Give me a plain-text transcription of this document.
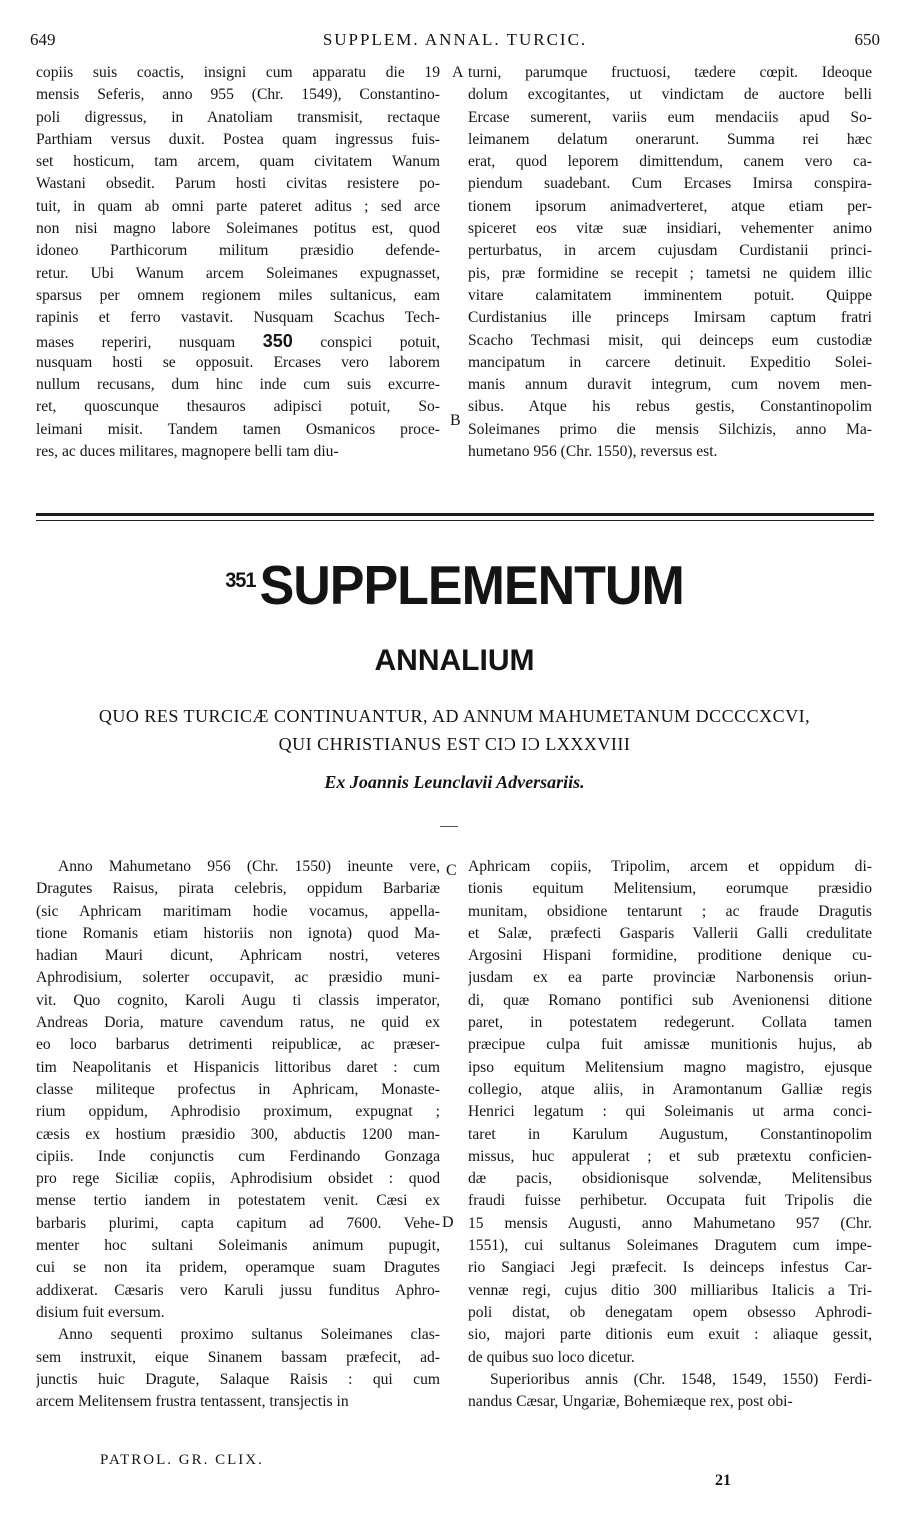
649	SUPPLEM. ANNAL. TURCIC.	650
copiis suis coactis, insigni cum apparatu die 19
mensis Seferis, anno 955 (Chr. 1549), Constantino-
poli digressus, in Anatoliam transmisit, rectaque
Parthiam versus duxit. Postea quam ingressus fuis-
set hosticum, tam arcem, quam civitatem Wanum
Wastani obsedit. Parum hosti civitas resistere po-
tuit, in quam ab omni parte pateret aditus ; sed arce
non nisi magno labore Soleimanes potitus est, quod
idoneo Parthicorum militum præsidio defende-
retur. Ubi Wanum arcem Soleimanes expugnasset,
sparsus per omnem regionem miles sultanicus, eam
rapinis et ferro vastavit. Nusquam Scachus Tech-
mases reperiri, nusquam 350 conspici potuit,
nusquam hosti se opposuit. Ercases vero laborem
nullum recusans, dum hinc inde cum suis excurre-
ret, quoscunque thesauros adipisci potuit, So-
leimani misit. Tandem tamen Osmanicos proce-
res, ac duces militares, magnopere belli tam diu-
turni, parumque fructuosi, tædere cœpit. Ideoque
dolum excogitantes, ut vindictam de auctore belli
Ercase sumerent, variis eum mendaciis apud So-
leimanem delatum onerarunt. Summa rei hæc
erat, quod leporem dimittendum, canem vero ca-
piendum suadebant. Cum Ercases Imirsa conspira-
tionem ipsorum animadverteret, atque etiam per-
spiceret eos vitæ suæ insidiari, vehementer animo
perturbatus, in arcem cujusdam Curdistanii princi-
pis, præ formidine se recepit ; tametsi ne quidem illic
vitare calamitatem imminentem potuit. Quippe
Curdistanius ille princeps Imirsam captum fratri
Scacho Techmasi misit, qui deinceps eum custodiæ
mancipatum in carcere detinuit. Expeditio Solei-
manis annum duravit integrum, cum novem men-
sibus. Atque his rebus gestis, Constantinopolim
Soleimanes primo die mensis Silchizis, anno Ma-
humetano 956 (Chr. 1550), reversus est.
A
B
$^{351}$SUPPLEMENTUM
ANNALIUM
QUO RES TURCICÆ CONTINUANTUR, AD ANNUM MAHUMETANUM DCCCCXCVI,
QUI CHRISTIANUS EST CIϽ IϽ LXXXVIII
Ex Joannis Leunclavii Adversariis.
Anno Mahumetano 956 (Chr. 1550) ineunte vere,
Dragutes Raisus, pirata celebris, oppidum Barbariæ
(sic Aphricam maritimam hodie vocamus, appella-
tione Romanis etiam historiis non ignota) quod Ma-
hadian Mauri dicunt, Aphricam nostri, veteres
Aphrodisium, solerter occupavit, ac præsidio muni-
vit. Quo cognito, Karoli Augu ti classis imperator,
Andreas Doria, mature cavendum ratus, ne quid ex
eo loco barbarus detrimenti reipublicæ, ac præser-
tim Neapolitanis et Hispanicis littoribus daret : cum
classe militeque profectus in Aphricam, Monaste-
rium oppidum, Aphrodisio proximum, expugnat ;
cæsis ex hostium præsidio 300, abductis 1200 man-
cipiis. Inde conjunctis cum Ferdinando Gonzaga
pro rege Siciliæ copiis, Aphrodisium obsidet : quod
mense tertio iandem in potestatem venit. Cæsi ex
barbaris plurimi, capta capitum ad 7600. Vehe-
menter hoc sultani Soleimanis animum pupugit,
cui se non ita pridem, operamque suam Dragutes
addixerat. Cæsaris vero Karuli jussu funditus Aphro-
disium fuit eversum.
Anno sequenti proximo sultanus Soleimanes clas-
sem instruxit, eique Sinanem bassam præfecit, ad-
junctis huic Dragute, Salaque Raisis : qui cum
arcem Melitensem frustra tentassent, transjectis in
Aphricam copiis, Tripolim, arcem et oppidum di-
tionis equitum Melitensium, eorumque præsidio
munitam, obsidione tentarunt ; ac fraude Dragutis
et Salæ, præfecti Gasparis Vallerii Galli credulitate
Argosini Hispani formidine, proditione denique cu-
jusdam ex ea parte provinciæ Narbonensis oriun-
di, quæ Romano pontifici sub Avenionensi ditione
paret, in potestatem redegerunt. Collata tamen
præcipue culpa fuit amissæ munitionis hujus, ab
ipso equitum Melitensium magno magistro, ejusque
collegio, atque aliis, in Aramontanum Galliæ regis
Henrici legatum : qui Soleimanis ut arma conci-
taret in Karulum Augustum, Constantinopolim
missus, huc appulerat ; et sub prætextu conficien-
dæ pacis, obsidionisque solvendæ, Melitensibus
fraudi fuisse perhibetur. Occupata fuit Tripolis die
15 mensis Augusti, anno Mahumetano 957 (Chr.
1551), cui sultanus Soleimanes Dragutem cum impe-
rio Sangiaci Jegi præfecit. Is deinceps infestus Car-
vennæ regi, cujus ditio 300 milliaribus Italicis a Tri-
poli distat, ob denegatam opem obsesso Aphrodi-
sio, majori parte ditionis eum exuit : aliaque gessit,
de quibus suo loco dicetur.
Superioribus annis (Chr. 1548, 1549, 1550) Ferdi-
nandus Cæsar, Ungariæ, Bohemiæque rex, post obi-
C
D
PATROL. GR. CLIX.
21
